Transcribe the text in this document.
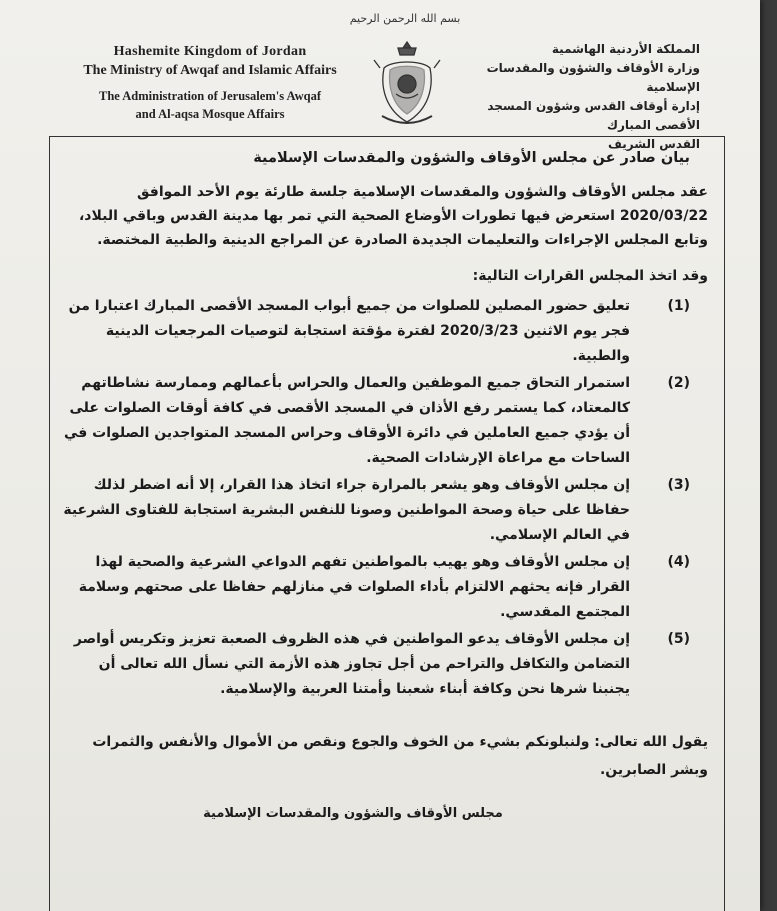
بسم الله الرحمن الرحيم
Hashemite Kingdom of Jordan
The Ministry of Awqaf and Islamic Affairs
The Administration of Jerusalem's Awqaf
and Al-aqsa Mosque Affairs
المملكة الأردنية الهاشمية
وزارة الأوقاف والشؤون والمقدسات الإسلامية
إدارة أوقاف القدس وشؤون المسجد الأقصى المبارك
القدس الشريف
بيان صادر عن مجلس الأوقاف والشؤون والمقدسات الإسلامية

عقد مجلس الأوقاف والشؤون والمقدسات الإسلامية جلسة طارئة يوم الأحد الموافق 2020/03/22 استعرض فيها تطورات الأوضاع الصحية التي تمر بها مدينة القدس وباقي البلاد، وتابع المجلس الإجراءات والتعليمات الجديدة الصادرة عن المراجع الدينية والطبية المختصة.

وقد اتخذ المجلس القرارات التالية:
(1)
تعليق حضور المصلين للصلوات من جميع أبواب المسجد الأقصى المبارك اعتبارا من فجر يوم الاثنين 2020/3/23 لفترة مؤقتة استجابة لتوصيات المرجعيات الدينية والطبية.
(2)
استمرار التحاق جميع الموظفين والعمال والحراس بأعمالهم وممارسة نشاطاتهم كالمعتاد، كما يستمر رفع الأذان في المسجد الأقصى في كافة أوقات الصلوات على أن يؤدي جميع العاملين في دائرة الأوقاف وحراس المسجد المتواجدين الصلوات في الساحات مع مراعاة الإرشادات الصحية.
(3)
إن مجلس الأوقاف وهو يشعر بالمرارة جراء اتخاذ هذا القرار، إلا أنه اضطر لذلك حفاظا على حياة وصحة المواطنين وصونا للنفس البشرية استجابة للفتاوى الشرعية في العالم الإسلامي.
(4)
إن مجلس الأوقاف وهو يهيب بالمواطنين تفهم الدواعي الشرعية والصحية لهذا القرار فإنه يحثهم الالتزام بأداء الصلوات في منازلهم حفاظا على صحتهم وسلامة المجتمع المقدسي.
(5)
إن مجلس الأوقاف يدعو المواطنين في هذه الظروف الصعبة تعزيز وتكريس أواصر التضامن والتكافل والتراحم من أجل تجاوز هذه الأزمة التي نسأل الله تعالى أن يجنبنا شرها نحن وكافة أبناء شعبنا وأمتنا العربية والإسلامية.

يقول الله تعالى: ولنبلونكم بشيء من الخوف والجوع ونقص من الأموال والأنفس والثمرات وبشر الصابرين.

مجلس الأوقاف والشؤون والمقدسات الإسلامية
